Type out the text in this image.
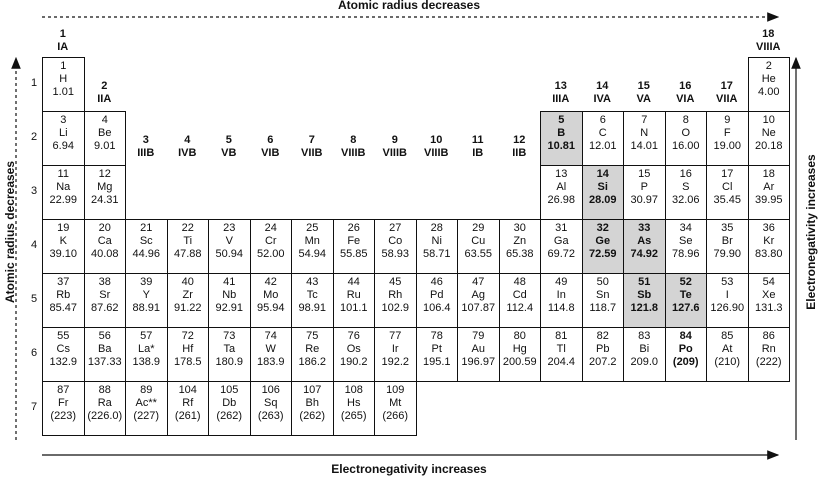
Atomic radius decreases
Electronegativity increases
Atomic radius decreases	Electronegativity increases
1
IA
2
IIA
3
IIIB
4
IVB
5
VB
6
VIB
7
VIIB
8
VIIIB
9
VIIIB
10
VIIIB
11
IB
12
IIB
13
IIIA
14
IVA
15
VA
16
VIA
17
VIIA
18
VIIIA
1
2
3
4
5
6
7
1
H
1.01
2
He
4.00
3
Li
6.94
4
Be
9.01
5
B
10.81
6
C
12.01
7
N
14.01
8
O
16.00
9
F
19.00
10
Ne
20.18
11
Na
22.99
12
Mg
24.31
13
Al
26.98
14
Si
28.09
15
P
30.97
16
S
32.06
17
Cl
35.45
18
Ar
39.95
19
K
39.10
20
Ca
40.08
21
Sc
44.96
22
Ti
47.88
23
V
50.94
24
Cr
52.00
25
Mn
54.94
26
Fe
55.85
27
Co
58.93
28
Ni
58.71
29
Cu
63.55
30
Zn
65.38
31
Ga
69.72
32
Ge
72.59
33
As
74.92
34
Se
78.96
35
Br
79.90
36
Kr
83.80
37
Rb
85.47
38
Sr
87.62
39
Y
88.91
40
Zr
91.22
41
Nb
92.91
42
Mo
95.94
43
Tc
98.91
44
Ru
101.1
45
Rh
102.9
46
Pd
106.4
47
Ag
107.87
48
Cd
112.4
49
In
114.8
50
Sn
118.7
51
Sb
121.8
52
Te
127.6
53
I
126.90
54
Xe
131.3
55
Cs
132.9
56
Ba
137.33
57
La*
138.9
72
Hf
178.5
73
Ta
180.9
74
W
183.9
75
Re
186.2
76
Os
190.2
77
Ir
192.2
78
Pt
195.1
79
Au
196.97
80
Hg
200.59
81
Tl
204.4
82
Pb
207.2
83
Bi
209.0
84
Po
(209)
85
At
(210)
86
Rn
(222)
87
Fr
(223)
88
Ra
(226.0)
89
Ac**
(227)
104
Rf
(261)
105
Db
(262)
106
Sq
(263)
107
Bh
(262)
108
Hs
(265)
109
Mt
(266)
